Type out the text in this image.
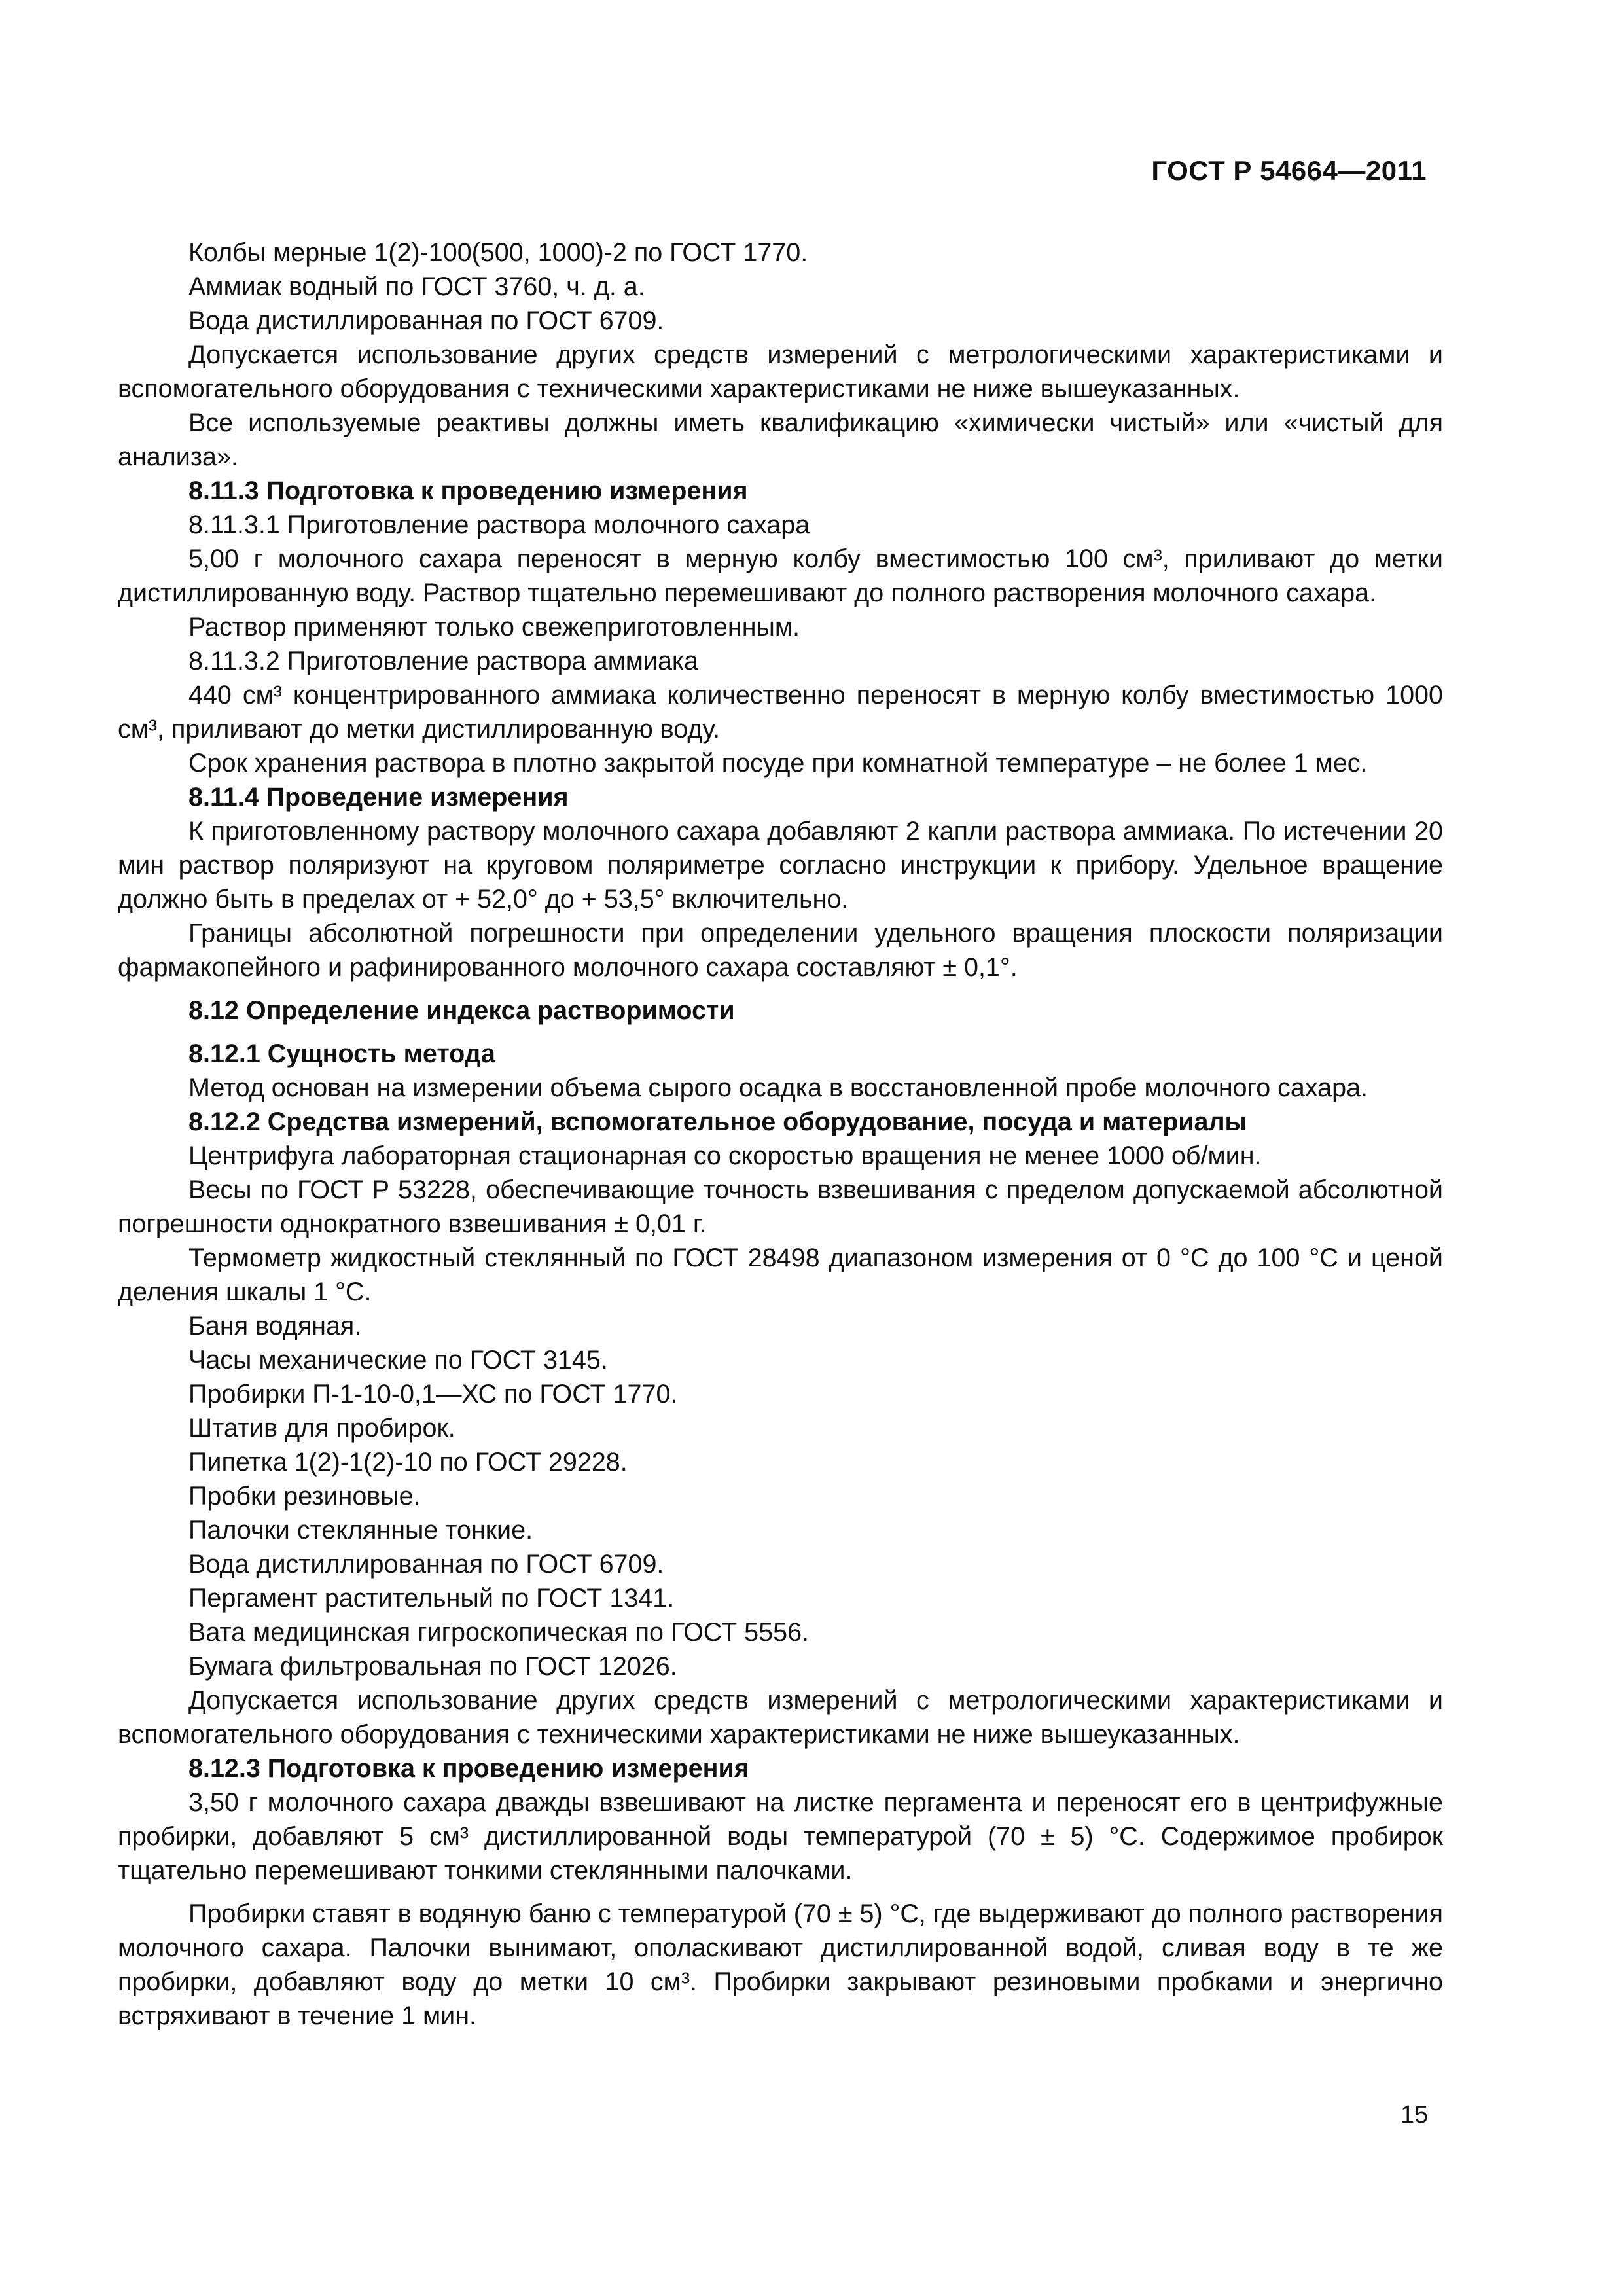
ГОСТ Р 54664—2011

Колбы мерные 1(2)-100(500, 1000)-2 по ГОСТ 1770.

Аммиак водный по ГОСТ 3760, ч. д. а.

Вода дистиллированная по ГОСТ 6709.

Допускается использование других средств измерений с метрологическими характеристиками и вспомогательного оборудования с техническими характеристиками не ниже вышеуказанных.

Все используемые реактивы должны иметь квалификацию «химически чистый» или «чистый для анализа».

8.11.3 Подготовка к проведению измерения

8.11.3.1 Приготовление раствора молочного сахара

5,00 г молочного сахара переносят в мерную колбу вместимостью 100 см³, приливают до метки дистиллированную воду. Раствор тщательно перемешивают до полного растворения молочного сахара.

Раствор применяют только свежеприготовленным.

8.11.3.2 Приготовление раствора аммиака

440 см³ концентрированного аммиака количественно переносят в мерную колбу вместимостью 1000 см³, приливают до метки дистиллированную воду.

Срок хранения раствора в плотно закрытой посуде при комнатной температуре – не более 1 мес.

8.11.4 Проведение измерения

К приготовленному раствору молочного сахара добавляют 2 капли раствора аммиака. По истечении 20 мин раствор поляризуют на круговом поляриметре согласно инструкции к прибору. Удельное вращение должно быть в пределах от + 52,0° до + 53,5° включительно.

Границы абсолютной погрешности при определении удельного вращения плоскости поляризации фармакопейного и рафинированного молочного сахара составляют ± 0,1°.

8.12 Определение индекса растворимости

8.12.1 Сущность метода

Метод основан на измерении объема сырого осадка в восстановленной пробе молочного сахара.

8.12.2 Средства измерений, вспомогательное оборудование, посуда и материалы

Центрифуга лабораторная стационарная со скоростью вращения не менее 1000 об/мин.

Весы по ГОСТ Р 53228, обеспечивающие точность взвешивания с пределом допускаемой абсолютной погрешности однократного взвешивания ± 0,01 г.

Термометр жидкостный стеклянный по ГОСТ 28498 диапазоном измерения от 0 °С до 100 °С и ценой деления шкалы 1 °С.

Баня водяная.

Часы механические по ГОСТ 3145.

Пробирки П-1-10-0,1—ХС по ГОСТ 1770.

Штатив для пробирок.

Пипетка 1(2)-1(2)-10 по ГОСТ 29228.

Пробки резиновые.

Палочки стеклянные тонкие.

Вода дистиллированная по ГОСТ 6709.

Пергамент растительный по ГОСТ 1341.

Вата медицинская гигроскопическая по ГОСТ 5556.

Бумага фильтровальная по ГОСТ 12026.

Допускается использование других средств измерений с метрологическими характеристиками и вспомогательного оборудования с техническими характеристиками не ниже вышеуказанных.

8.12.3 Подготовка к проведению измерения

3,50 г молочного сахара дважды взвешивают на листке пергамента и переносят его в центрифужные пробирки, добавляют 5 см³ дистиллированной воды температурой (70 ± 5) °С. Содержимое пробирок тщательно перемешивают тонкими стеклянными палочками.

Пробирки ставят в водяную баню с температурой (70 ± 5) °С, где выдерживают до полного растворения молочного сахара. Палочки вынимают, ополаскивают дистиллированной водой, сливая воду в те же пробирки, добавляют воду до метки 10 см³. Пробирки закрывают резиновыми пробками и энергично встряхивают в течение 1 мин.

15
